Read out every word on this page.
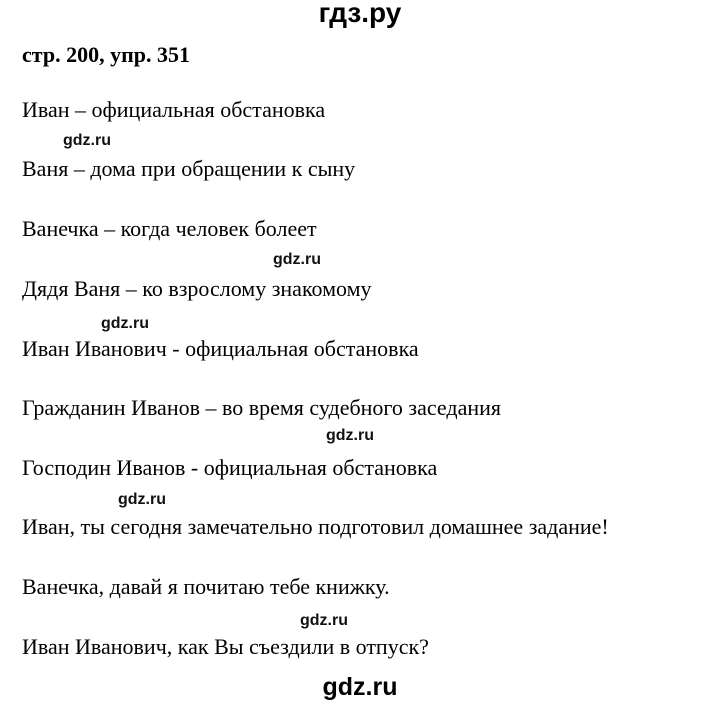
гдз.ру
стр. 200, упр. 351
Иван – официальная обстановка
gdz.ru
Ваня – дома при обращении к сыну
Ванечка – когда человек болеет
gdz.ru
Дядя Ваня – ко взрослому знакомому
gdz.ru
Иван Иванович - официальная обстановка
Гражданин Иванов – во время судебного заседания
gdz.ru
Господин Иванов - официальная обстановка
gdz.ru
Иван, ты сегодня замечательно подготовил домашнее задание!
Ванечка, давай я почитаю тебе книжку.
gdz.ru
Иван Иванович, как Вы съездили в отпуск?
gdz.ru
